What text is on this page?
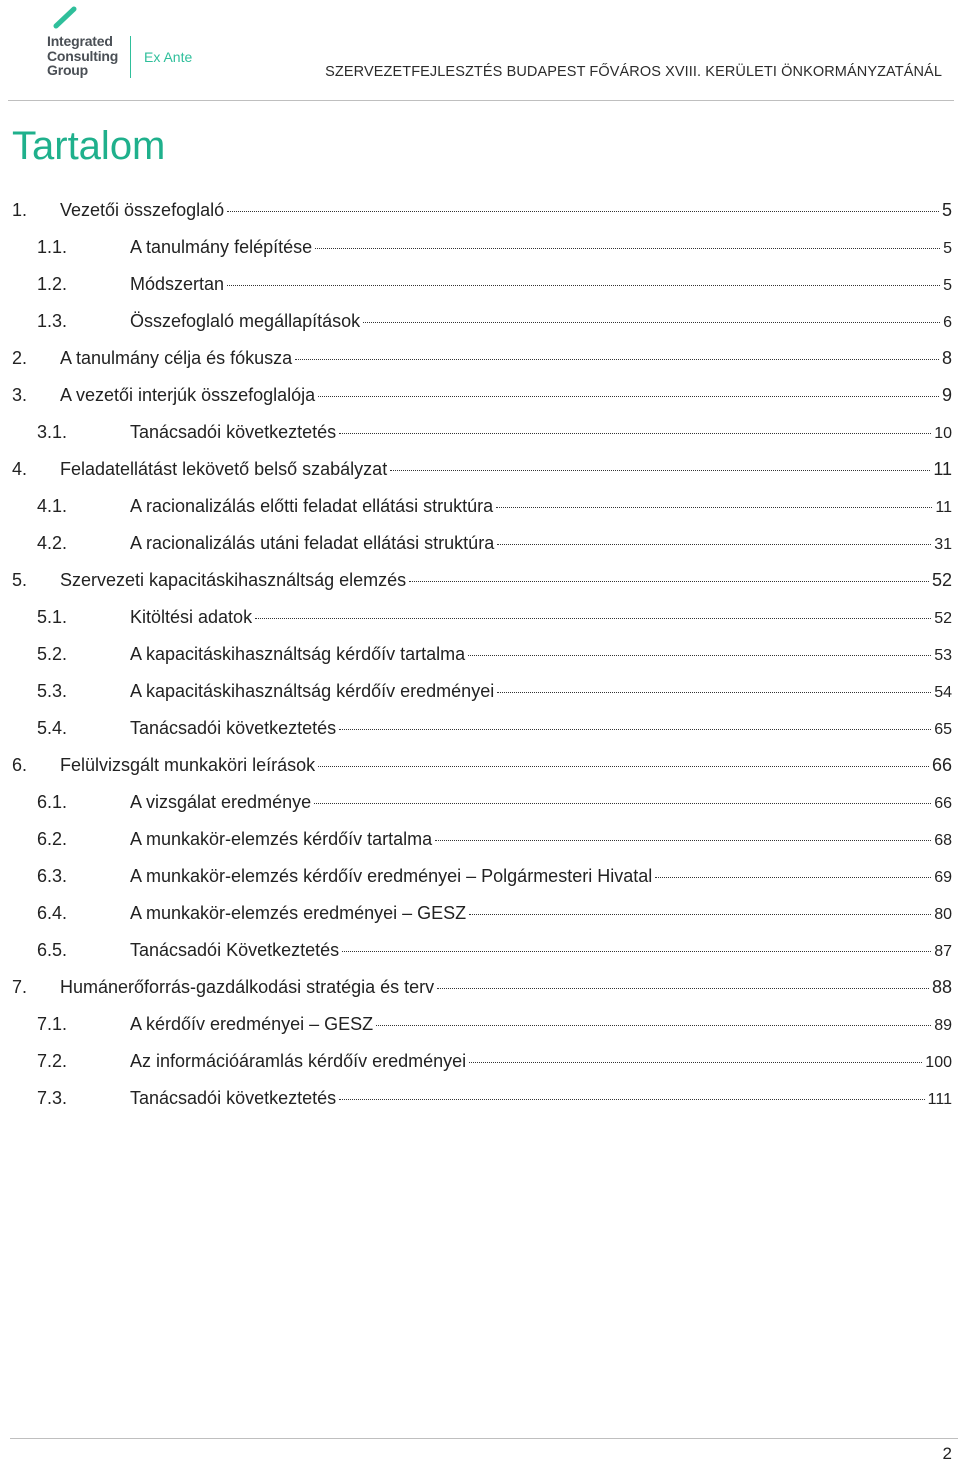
Integrated
Consulting
Group
Ex Ante
SZERVEZETFEJLESZTÉS BUDAPEST FŐVÁROS XVIII. KERÜLETI ÖNKORMÁNYZATÁNÁL
Tartalom
1. Vezetői összefoglaló	5
1.1.	A tanulmány felépítése	5
1.2.	Módszertan	5
1.3.	Összefoglaló megállapítások	6
2. A tanulmány célja és fókusza	8
3. A vezetői interjúk összefoglalója	9
3.1.	Tanácsadói következtetés	10
4. Feladatellátást lekövető belső szabályzat	11
4.1.	A racionalizálás előtti feladat ellátási struktúra	11
4.2.	A racionalizálás utáni feladat ellátási struktúra	31
5. Szervezeti kapacitáskihasználtság elemzés	52
5.1.	Kitöltési adatok	52
5.2.	A kapacitáskihasználtság kérdőív tartalma	53
5.3.	A kapacitáskihasználtság kérdőív eredményei	54
5.4.	Tanácsadói következtetés	65
6. Felülvizsgált munkaköri leírások	66
6.1.	A vizsgálat eredménye	66
6.2.	A munkakör-elemzés kérdőív tartalma	68
6.3.	A munkakör-elemzés kérdőív eredményei – Polgármesteri Hivatal	69
6.4.	A munkakör-elemzés eredményei – GESZ	80
6.5.	Tanácsadói Következtetés	87
7. Humánerőforrás-gazdálkodási stratégia és terv	88
7.1.	A kérdőív eredményei – GESZ	89
7.2.	Az információáramlás kérdőív eredményei	100
7.3.	Tanácsadói következtetés	111
2
